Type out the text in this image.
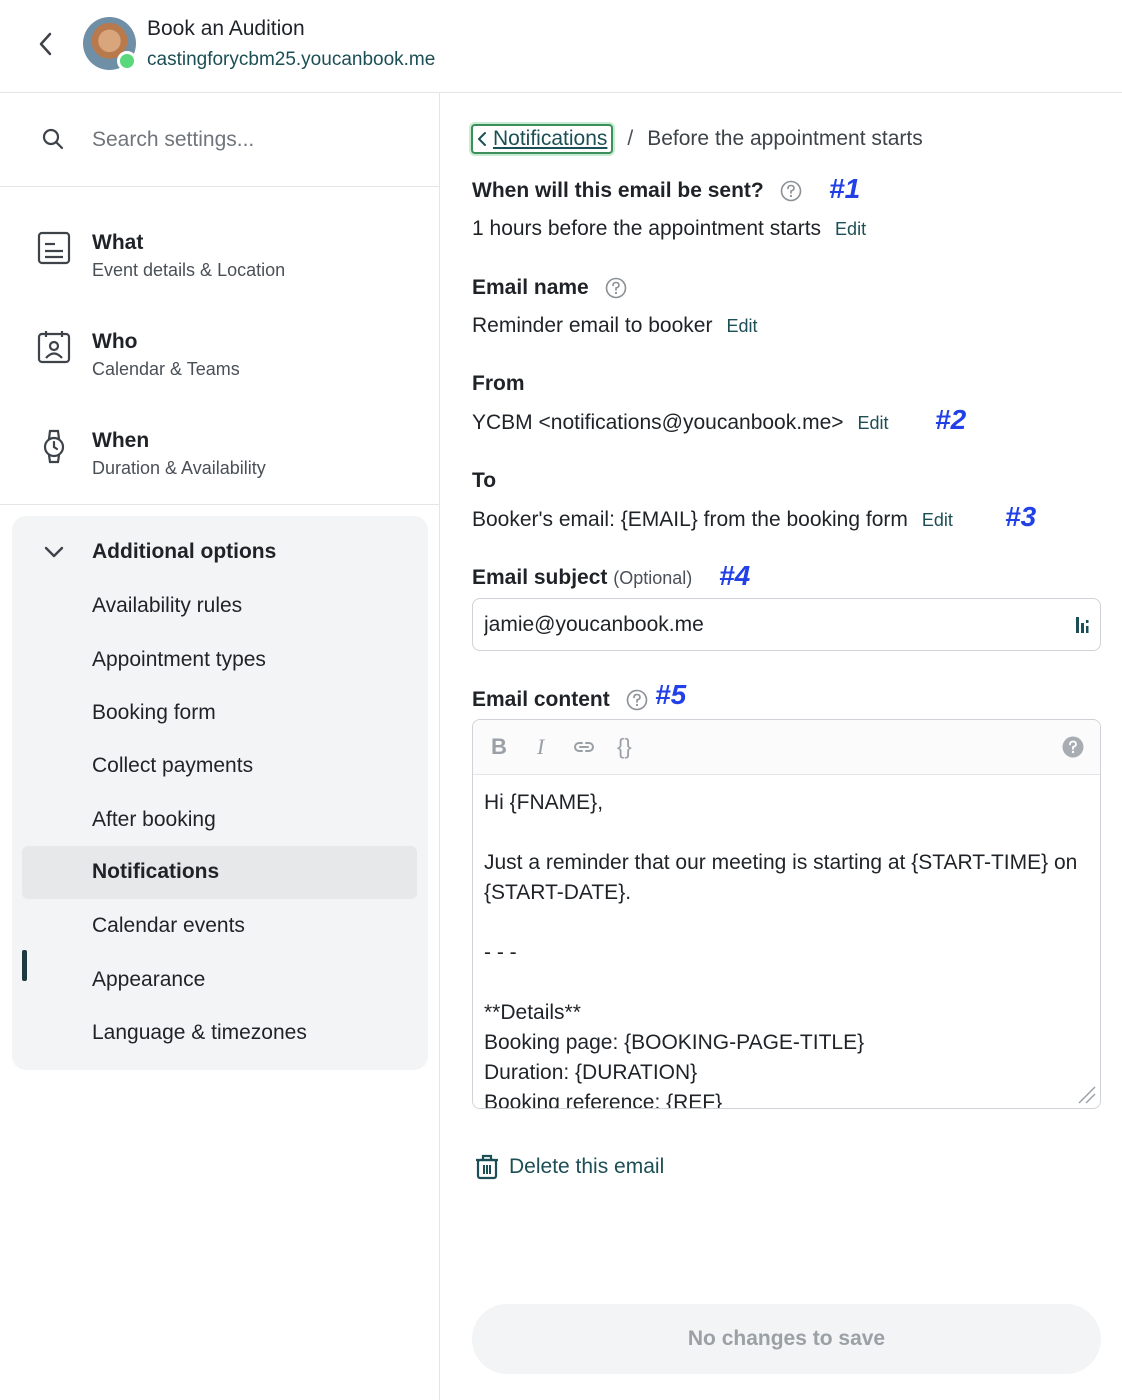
Book an Audition
castingforycbm25.youcanbook.me
Search settings...
What
Event details & Location
Who
Calendar & Teams
When
Duration & Availability
Additional options
Availability rules
Appointment types
Booking form
Collect payments
After booking
Notifications
Calendar events
Appearance
Language & timezones
Notifications / Before the appointment starts
When will this email be sent?	#1
1 hours before the appointment starts Edit
Email name
Reminder email to booker Edit
From
YCBM <notifications@youcanbook.me> Edit #2
To
Booker's email: {EMAIL} from the booking form Edit #3
Email subject (Optional) #4
jamie@youcanbook.me
Email content	#5
B I	{}
Hi {FNAME}, Just a reminder that our meeting is starting at {START-TIME} on {START-DATE}. - - - **Details** Booking page: {BOOKING-PAGE-TITLE} Duration: {DURATION} Booking reference: {REF}
Delete this email
No changes to save
